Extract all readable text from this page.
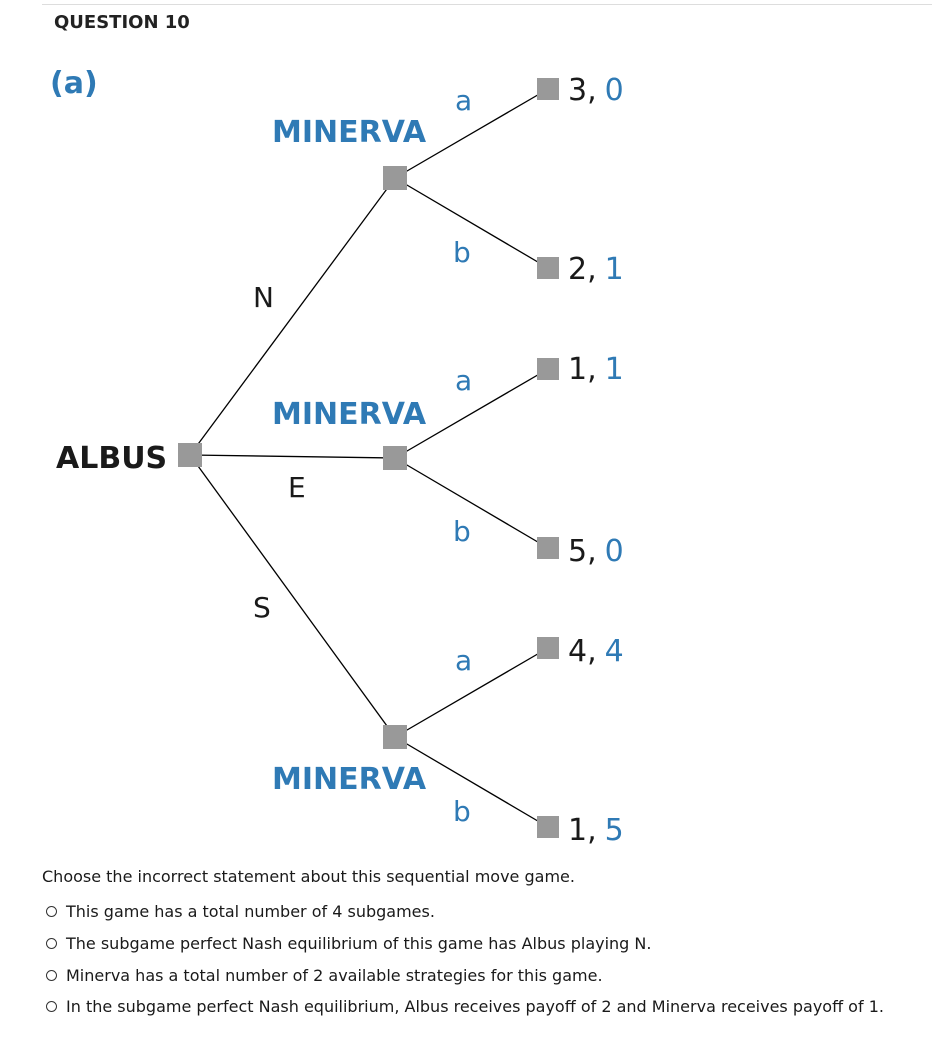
QUESTION 10
(a)
ALBUS
MINERVA
MINERVA
MINERVA
N
E
S
a
b
a
b
a
b
3, 0
2, 1
1, 1
5, 0
4, 4
1, 5
Choose the incorrect statement about this sequential move game.
This game has a total number of 4 subgames.
The subgame perfect Nash equilibrium of this game has Albus playing N.
Minerva has a total number of 2 available strategies for this game.
In the subgame perfect Nash equilibrium, Albus receives payoff of 2 and Minerva receives payoff of 1.
